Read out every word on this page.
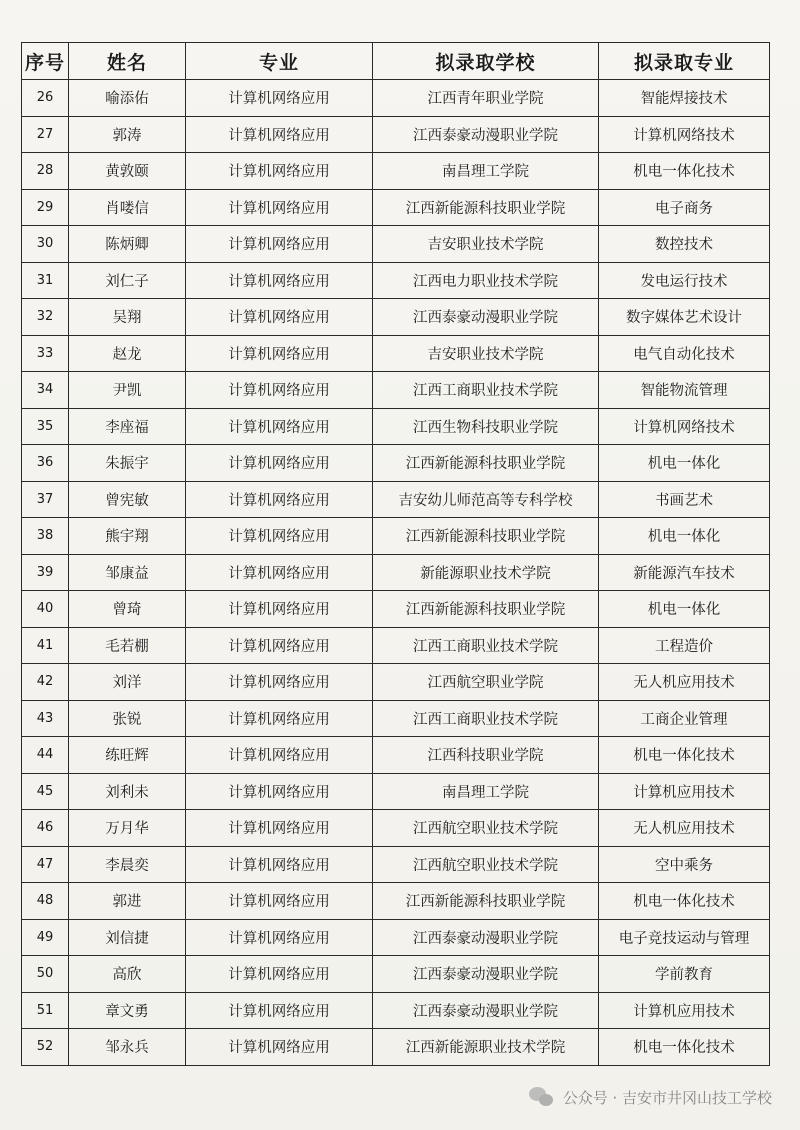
序号	姓名	专业	拟录取学校	拟录取专业
26	喻添佑	计算机网络应用	江西青年职业学院	智能焊接技术
27	郭涛	计算机网络应用	江西泰豪动漫职业学院	计算机网络技术
28	黄敦颐	计算机网络应用	南昌理工学院	机电一体化技术
29	肖喽信	计算机网络应用	江西新能源科技职业学院	电子商务
30	陈炳卿	计算机网络应用	吉安职业技术学院	数控技术
31	刘仁子	计算机网络应用	江西电力职业技术学院	发电运行技术
32	吴翔	计算机网络应用	江西泰豪动漫职业学院	数字媒体艺术设计
33	赵龙	计算机网络应用	吉安职业技术学院	电气自动化技术
34	尹凯	计算机网络应用	江西工商职业技术学院	智能物流管理
35	李座福	计算机网络应用	江西生物科技职业学院	计算机网络技术
36	朱振宇	计算机网络应用	江西新能源科技职业学院	机电一体化
37	曾宪敏	计算机网络应用	吉安幼儿师范高等专科学校	书画艺术
38	熊宇翔	计算机网络应用	江西新能源科技职业学院	机电一体化
39	邹康益	计算机网络应用	新能源职业技术学院	新能源汽车技术
40	曾琦	计算机网络应用	江西新能源科技职业学院	机电一体化
41	毛若棚	计算机网络应用	江西工商职业技术学院	工程造价
42	刘洋	计算机网络应用	江西航空职业学院	无人机应用技术
43	张锐	计算机网络应用	江西工商职业技术学院	工商企业管理
44	练旺辉	计算机网络应用	江西科技职业学院	机电一体化技术
45	刘利未	计算机网络应用	南昌理工学院	计算机应用技术
46	万月华	计算机网络应用	江西航空职业技术学院	无人机应用技术
47	李晨奕	计算机网络应用	江西航空职业技术学院	空中乘务
48	郭进	计算机网络应用	江西新能源科技职业学院	机电一体化技术
49	刘信捷	计算机网络应用	江西泰豪动漫职业学院	电子竞技运动与管理
50	高欣	计算机网络应用	江西泰豪动漫职业学院	学前教育
51	章文勇	计算机网络应用	江西泰豪动漫职业学院	计算机应用技术
52	邹永兵	计算机网络应用	江西新能源职业技术学院	机电一体化技术
公众号 · 吉安市井冈山技工学校
